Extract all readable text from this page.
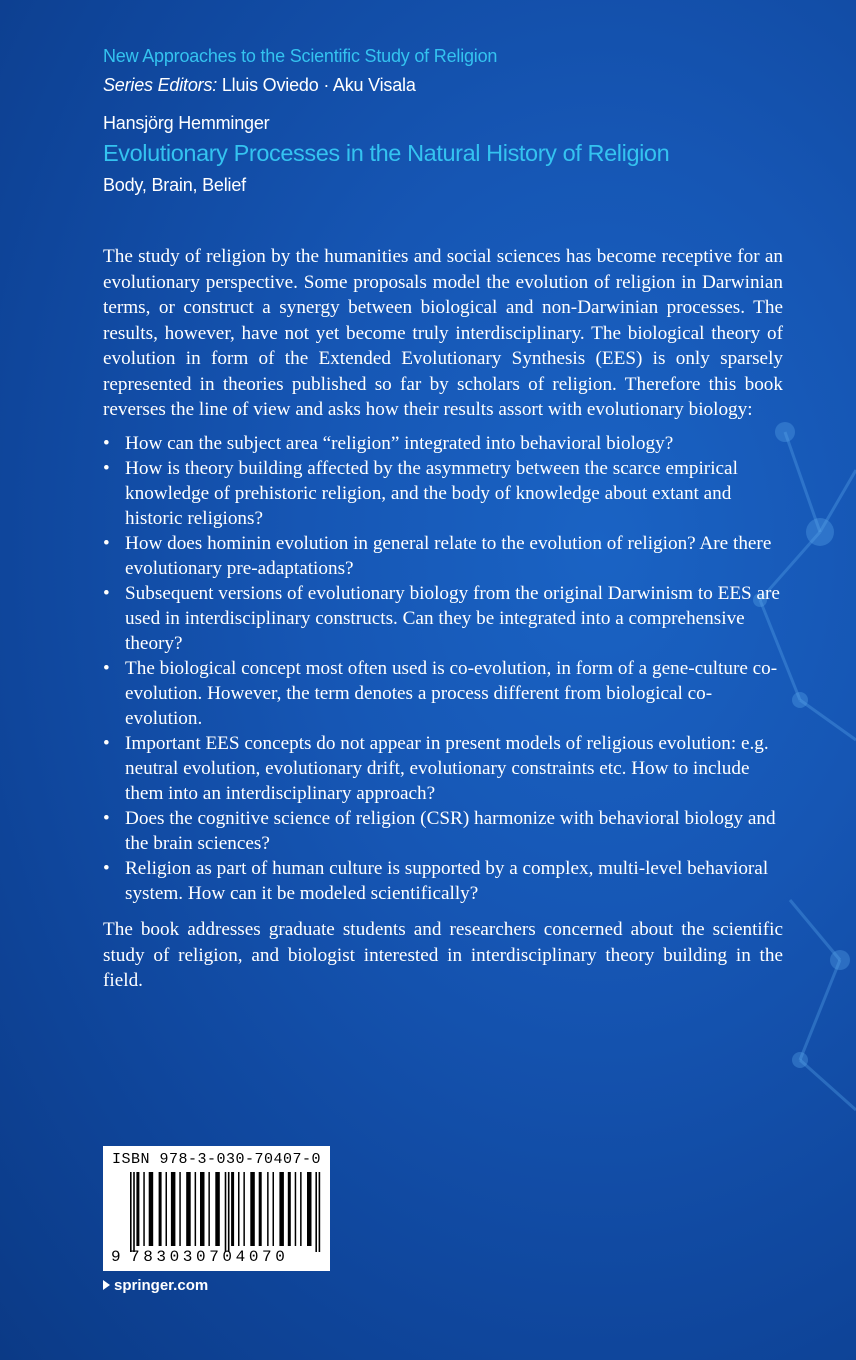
New Approaches to the Scientific Study of Religion
Series Editors: Lluis Oviedo · Aku Visala
Hansjörg Hemminger
Evolutionary Processes in the Natural History of Religion
Body, Brain, Belief

The study of religion by the humanities and social sciences has become receptive for an evolutionary perspective. Some proposals model the evolution of religion in Darwinian terms, or construct a synergy between biological and non-Darwinian processes. The results, however, have not yet become truly interdisciplinary. The biological theory of evolution in form of the Extended Evolutionary Synthesis (EES) is only sparsely represented in theories published so far by scholars of religion. Therefore this book reverses the line of view and asks how their results assort with evolutionary biology:

• How can the subject area “religion” integrated into behavioral biology?
• How is theory building affected by the asymmetry between the scarce empirical knowledge of prehistoric religion, and the body of knowledge about extant and historic religions?
• How does hominin evolution in general relate to the evolution of religion? Are there evolutionary pre-adaptations?
• Subsequent versions of evolutionary biology from the original Darwinism to EES are used in interdisciplinary constructs. Can they be integrated into a comprehensive theory?
• The biological concept most often used is co-evolution, in form of a gene-culture co-evolution. However, the term denotes a process different from biological co-evolution.
• Important EES concepts do not appear in present models of religious evolution: e.g. neutral evolution, evolutionary drift, evolutionary constraints etc. How to include them into an interdisciplinary approach?
• Does the cognitive science of religion (CSR) harmonize with behavioral biology and the brain sciences?
• Religion as part of human culture is supported by a complex, multi-level behavioral system. How can it be modeled scientifically?

The book addresses graduate students and researchers concerned about the scientific study of religion, and biologist interested in interdisciplinary theory building in the field.

ISBN 978-3-030-70407-0
9 783030704070
springer.com
